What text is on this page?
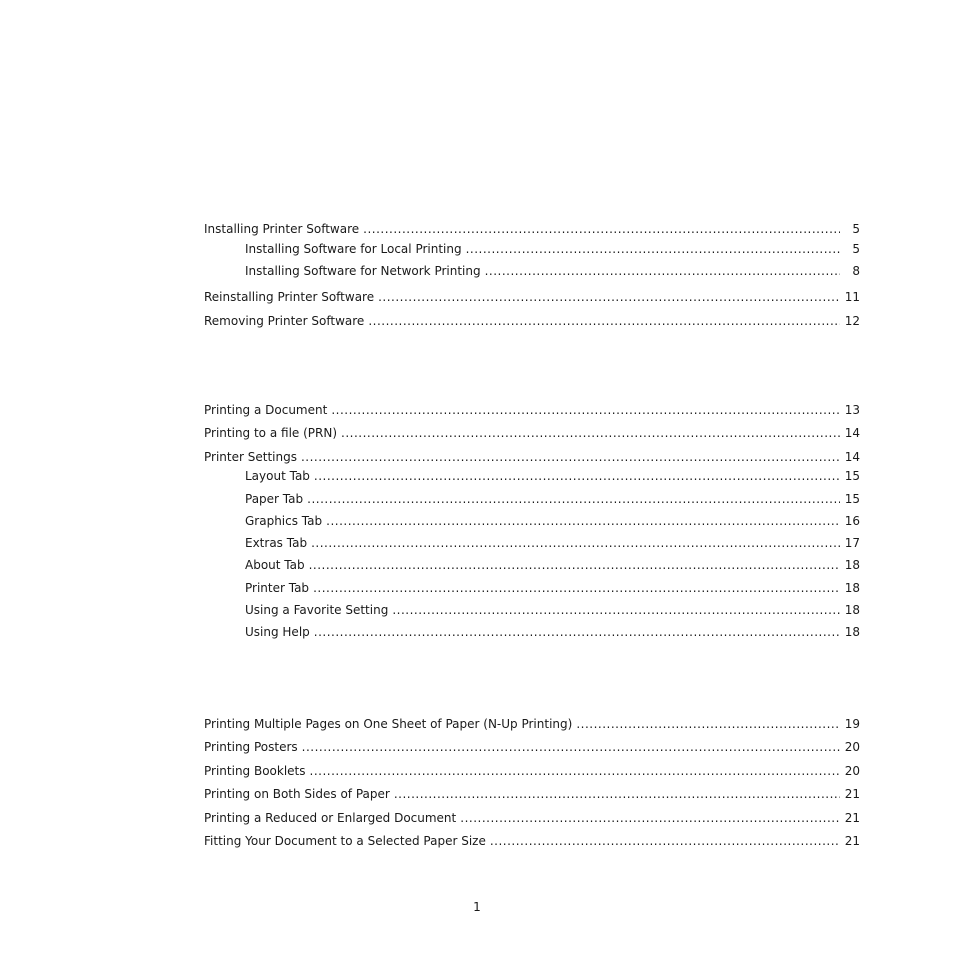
Installing Printer Software .....	5
Installing Software for Local Printing .....	5
Installing Software for Network Printing .....	8
Reinstalling Printer Software .....	11
Removing Printer Software .....	12
Printing a Document .....	13
Printing to a file (PRN) .....	14
Printer Settings .....	14
Layout Tab .....	15
Paper Tab .....	15
Graphics Tab .....	16
Extras Tab .....	17
About Tab .....	18
Printer Tab .....	18
Using a Favorite Setting .....	18
Using Help .....	18
Printing Multiple Pages on One Sheet of Paper (N-Up Printing) .....	19
Printing Posters .....	20
Printing Booklets .....	20
Printing on Both Sides of Paper .....	21
Printing a Reduced or Enlarged Document .....	21
Fitting Your Document to a Selected Paper Size .....	21
1
